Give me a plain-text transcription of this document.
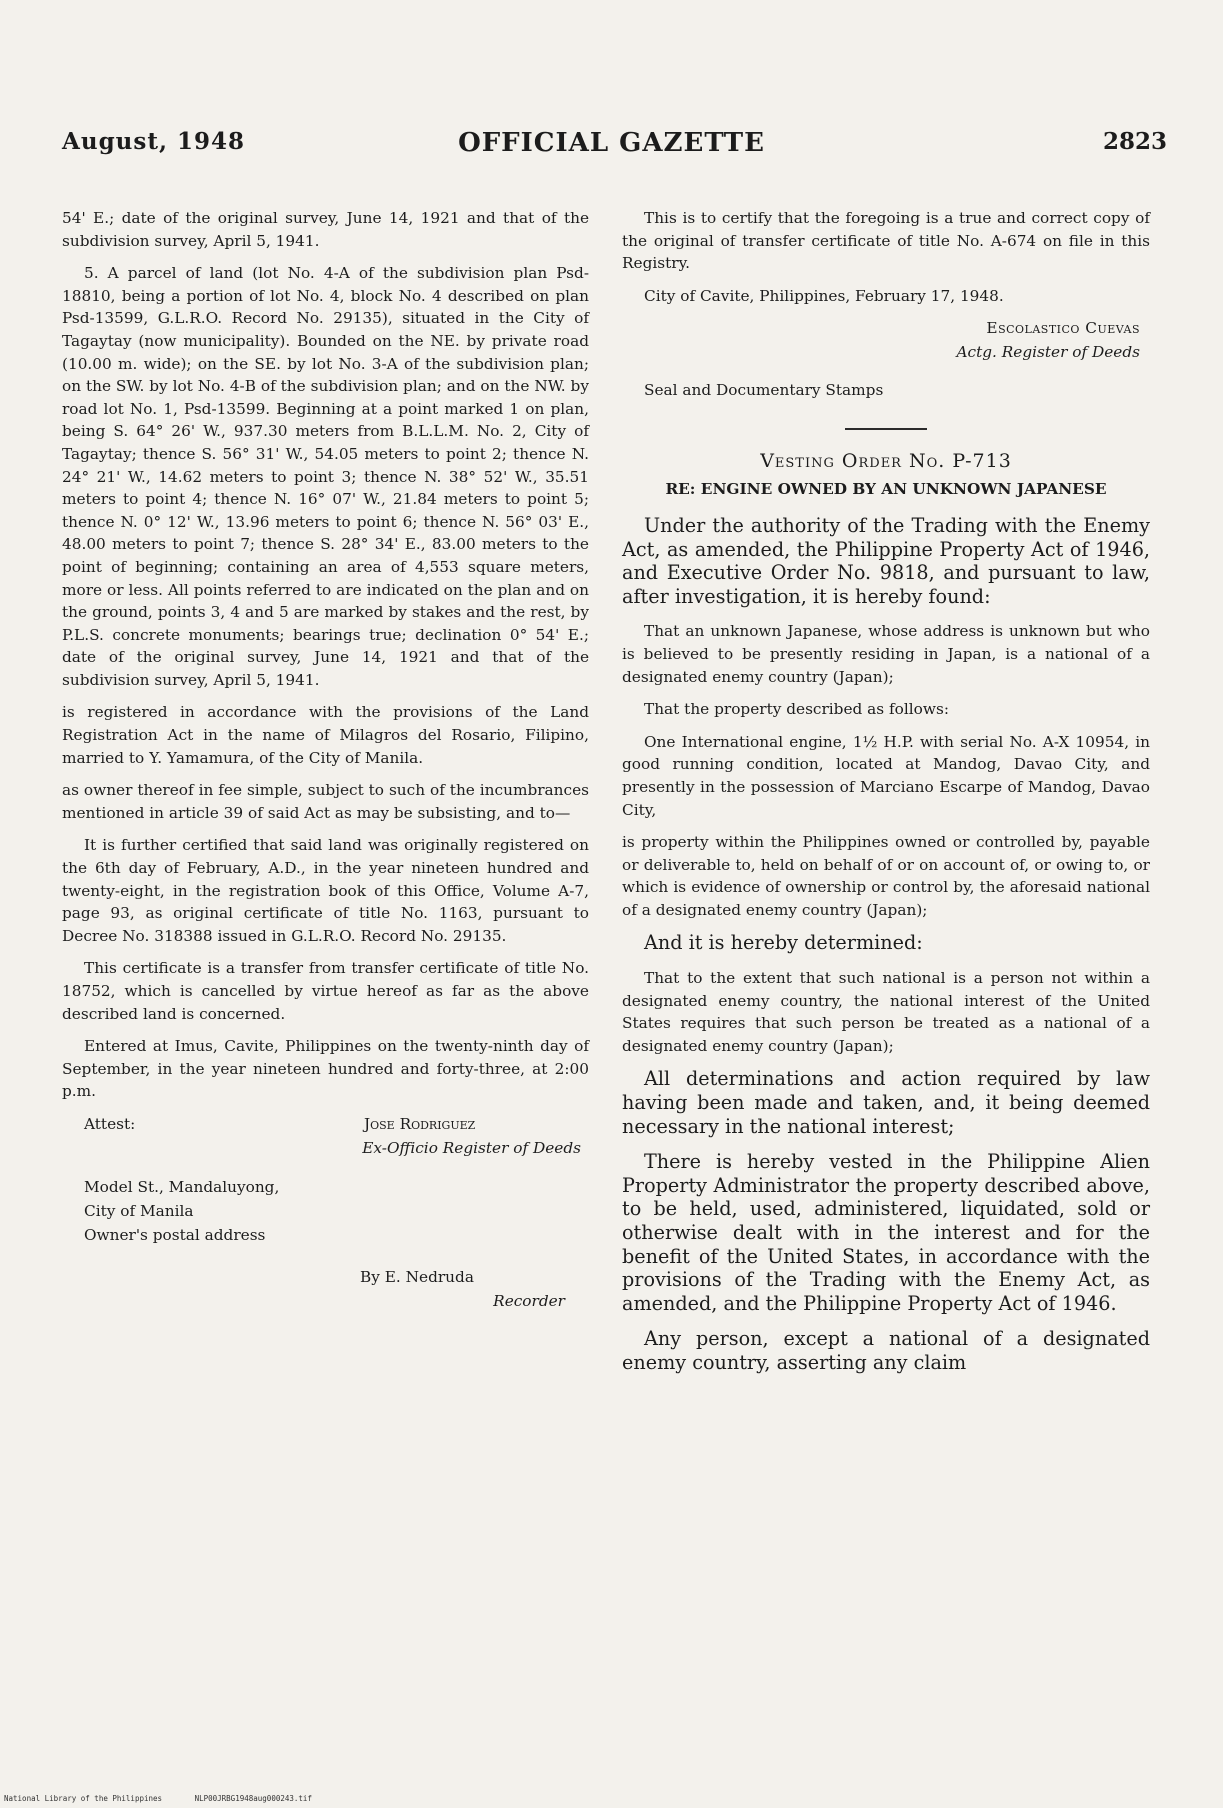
August, 1948	OFFICIAL GAZETTE	2823

54' E.; date of the original survey, June 14, 1921 and that of the subdivision survey, April 5, 1941.

5. A parcel of land (lot No. 4-A of the subdivision plan Psd-18810, being a portion of lot No. 4, block No. 4 described on plan Psd-13599, G.L.R.O. Record No. 29135), situated in the City of Tagaytay (now municipality). Bounded on the NE. by private road (10.00 m. wide); on the SE. by lot No. 3-A of the subdivision plan; on the SW. by lot No. 4-B of the subdivision plan; and on the NW. by road lot No. 1, Psd-13599. Beginning at a point marked 1 on plan, being S. 64° 26' W., 937.30 meters from B.L.L.M. No. 2, City of Tagaytay; thence S. 56° 31' W., 54.05 meters to point 2; thence N. 24° 21' W., 14.62 meters to point 3; thence N. 38° 52' W., 35.51 meters to point 4; thence N. 16° 07' W., 21.84 meters to point 5; thence N. 0° 12' W., 13.96 meters to point 6; thence N. 56° 03' E., 48.00 meters to point 7; thence S. 28° 34' E., 83.00 meters to the point of beginning; containing an area of 4,553 square meters, more or less. All points referred to are indicated on the plan and on the ground, points 3, 4 and 5 are marked by stakes and the rest, by P.L.S. concrete monuments; bearings true; declination 0° 54' E.; date of the original survey, June 14, 1921 and that of the subdivision survey, April 5, 1941.

is registered in accordance with the provisions of the Land Registration Act in the name of Milagros del Rosario, Filipino, married to Y. Yamamura, of the City of Manila.

as owner thereof in fee simple, subject to such of the incumbrances mentioned in article 39 of said Act as may be subsisting, and to—

It is further certified that said land was originally registered on the 6th day of February, A.D., in the year nineteen hundred and twenty-eight, in the registration book of this Office, Volume A-7, page 93, as original certificate of title No. 1163, pursuant to Decree No. 318388 issued in G.L.R.O. Record No. 29135.

This certificate is a transfer from transfer certificate of title No. 18752, which is cancelled by virtue hereof as far as the above described land is concerned.

Entered at Imus, Cavite, Philippines on the twenty-ninth day of September, in the year nineteen hundred and forty-three, at 2:00 p.m.

Attest:	Jose Rodriguez
Ex-Officio Register of Deeds
Model St., Mandaluyong,
City of Manila
Owner's postal address
By E. Nedruda
Recorder

This is to certify that the foregoing is a true and correct copy of the original of transfer certificate of title No. A-674 on file in this Registry.

City of Cavite, Philippines, February 17, 1948.

Escolastico Cuevas
Actg. Register of Deeds

Seal and Documentary Stamps

Vesting Order No. P-713
RE: ENGINE OWNED BY AN UNKNOWN JAPANESE

Under the authority of the Trading with the Enemy Act, as amended, the Philippine Property Act of 1946, and Executive Order No. 9818, and pursuant to law, after investigation, it is hereby found:

That an unknown Japanese, whose address is unknown but who is believed to be presently residing in Japan, is a national of a designated enemy country (Japan);

That the property described as follows:

One International engine, 1½ H.P. with serial No. A-X 10954, in good running condition, located at Mandog, Davao City, and presently in the possession of Marciano Escarpe of Mandog, Davao City,

is property within the Philippines owned or controlled by, payable or deliverable to, held on behalf of or on account of, or owing to, or which is evidence of ownership or control by, the aforesaid national of a designated enemy country (Japan);

And it is hereby determined:

That to the extent that such national is a person not within a designated enemy country, the national interest of the United States requires that such person be treated as a national of a designated enemy country (Japan);

All determinations and action required by law having been made and taken, and, it being deemed necessary in the national interest;

There is hereby vested in the Philippine Alien Property Administrator the property described above, to be held, used, administered, liquidated, sold or otherwise dealt with in the interest and for the benefit of the United States, in accordance with the provisions of the Trading with the Enemy Act, as amended, and the Philippine Property Act of 1946.

Any person, except a national of a designated enemy country, asserting any claim

National Library of the Philippines	NLP00JRBG1948aug000243.tif
